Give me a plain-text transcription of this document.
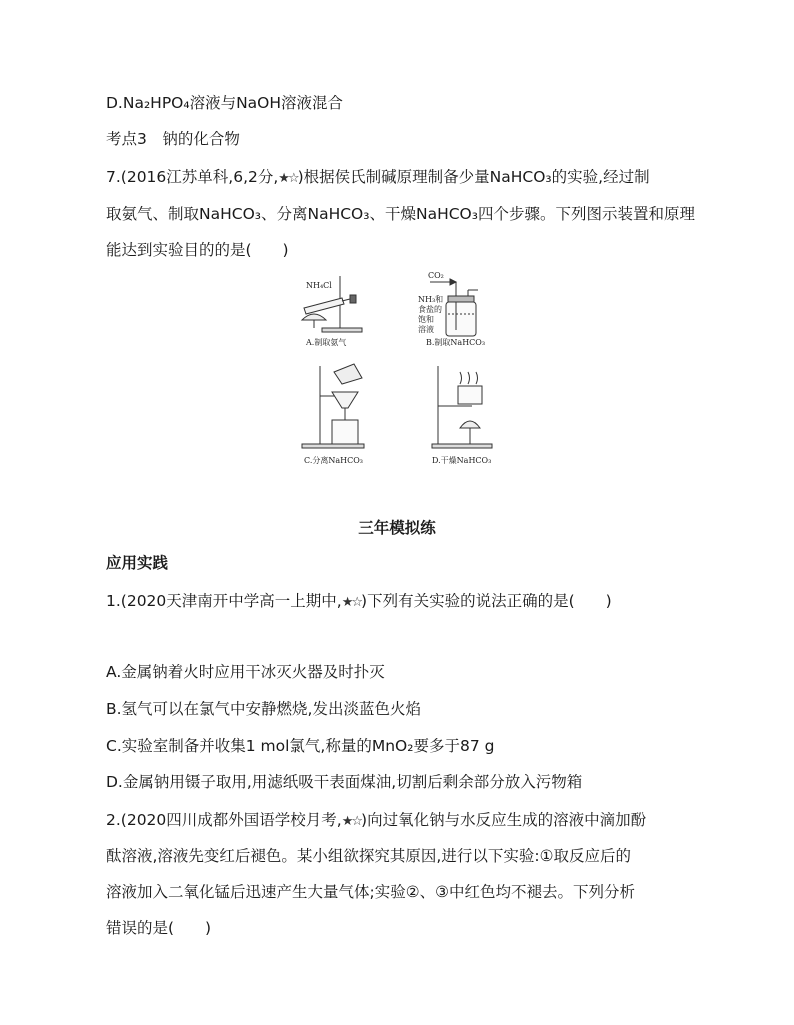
D.Na₂HPO₄溶液与NaOH溶液混合
考点3　钠的化合物
7.(2016江苏单科,6,2分,★☆)根据侯氏制碱原理制备少量NaHCO₃的实验,经过制
取氨气、制取NaHCO₃、分离NaHCO₃、干燥NaHCO₃四个步骤。下列图示装置和原理
能达到实验目的的是(　　)
NH₄Cl
A.制取氨气
CO₂
NH₃和
食盐的
饱和
溶液
B.制取NaHCO₃
C.分离NaHCO₃	D.干燥NaHCO₃
三年模拟练
应用实践
1.(2020天津南开中学高一上期中,★☆)下列有关实验的说法正确的是(　　)
A.金属钠着火时应用干冰灭火器及时扑灭
B.氢气可以在氯气中安静燃烧,发出淡蓝色火焰
C.实验室制备并收集1 mol氯气,称量的MnO₂要多于87 g
D.金属钠用镊子取用,用滤纸吸干表面煤油,切割后剩余部分放入污物箱
2.(2020四川成都外国语学校月考,★☆)向过氧化钠与水反应生成的溶液中滴加酚
酞溶液,溶液先变红后褪色。某小组欲探究其原因,进行以下实验:①取反应后的
溶液加入二氧化锰后迅速产生大量气体;实验②、③中红色均不褪去。下列分析
错误的是(　　)
